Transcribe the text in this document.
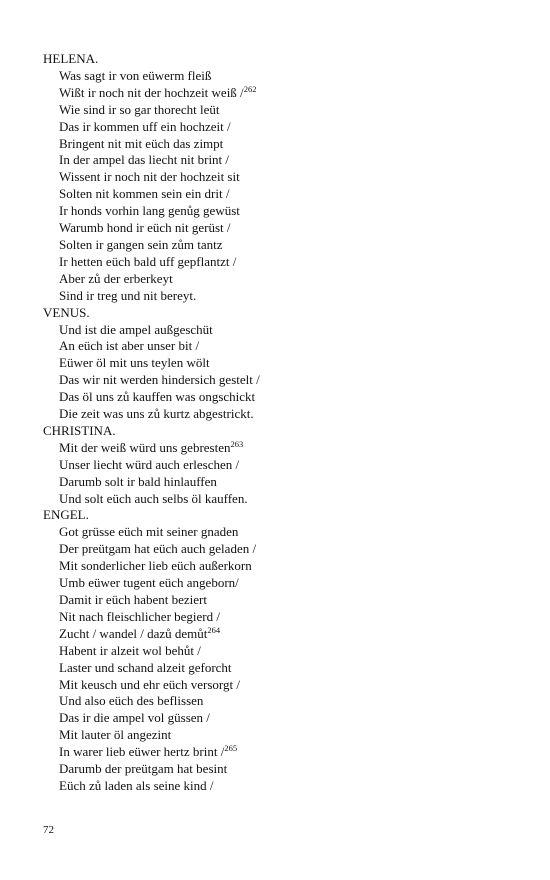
HELENA.
Was sagt ir von eüwerm fleiß
Wißt ir noch nit der hochzeit weiß /$^{262}$
Wie sind ir so gar thorecht leüt
Das ir kommen uff ein hochzeit /
Bringent nit mit eüch das zimpt
In der ampel das liecht nit brint /
Wissent ir noch nit der hochzeit sit
Solten nit kommen sein ein drit /
Ir honds vorhin lang genůg gewüst
Warumb hond ir eüch nit gerüst /
Solten ir gangen sein zům tantz
Ir hetten eüch bald uff gepflantzt /
Aber zů der erberkeyt
Sind ir treg und nit bereyt.
VENUS.
Und ist die ampel außgeschüt
An eüch ist aber unser bit /
Eüwer öl mit uns teylen wölt
Das wir nit werden hindersich gestelt /
Das öl uns zů kauffen was ongschickt
Die zeit was uns zů kurtz abgestrickt.
CHRISTINA.
Mit der weiß würd uns gebresten$^{263}$
Unser liecht würd auch erleschen /
Darumb solt ir bald hinlauffen
Und solt eüch auch selbs öl kauffen.
ENGEL.
Got grüsse eüch mit seiner gnaden
Der preütgam hat eüch auch geladen /
Mit sonderlicher lieb eüch außerkorn
Umb eüwer tugent eüch angeborn/
Damit ir eüch habent beziert
Nit nach fleischlicher begierd /
Zucht / wandel / dazů demůt$^{264}$
Habent ir alzeit wol behůt /
Laster und schand alzeit geforcht
Mit keusch und ehr eüch versorgt /
Und also eüch des beflissen
Das ir die ampel vol güssen /
Mit lauter öl angezint
In warer lieb eüwer hertz brint /$^{265}$
Darumb der preütgam hat besint
Eüch zů laden als seine kind /
72
